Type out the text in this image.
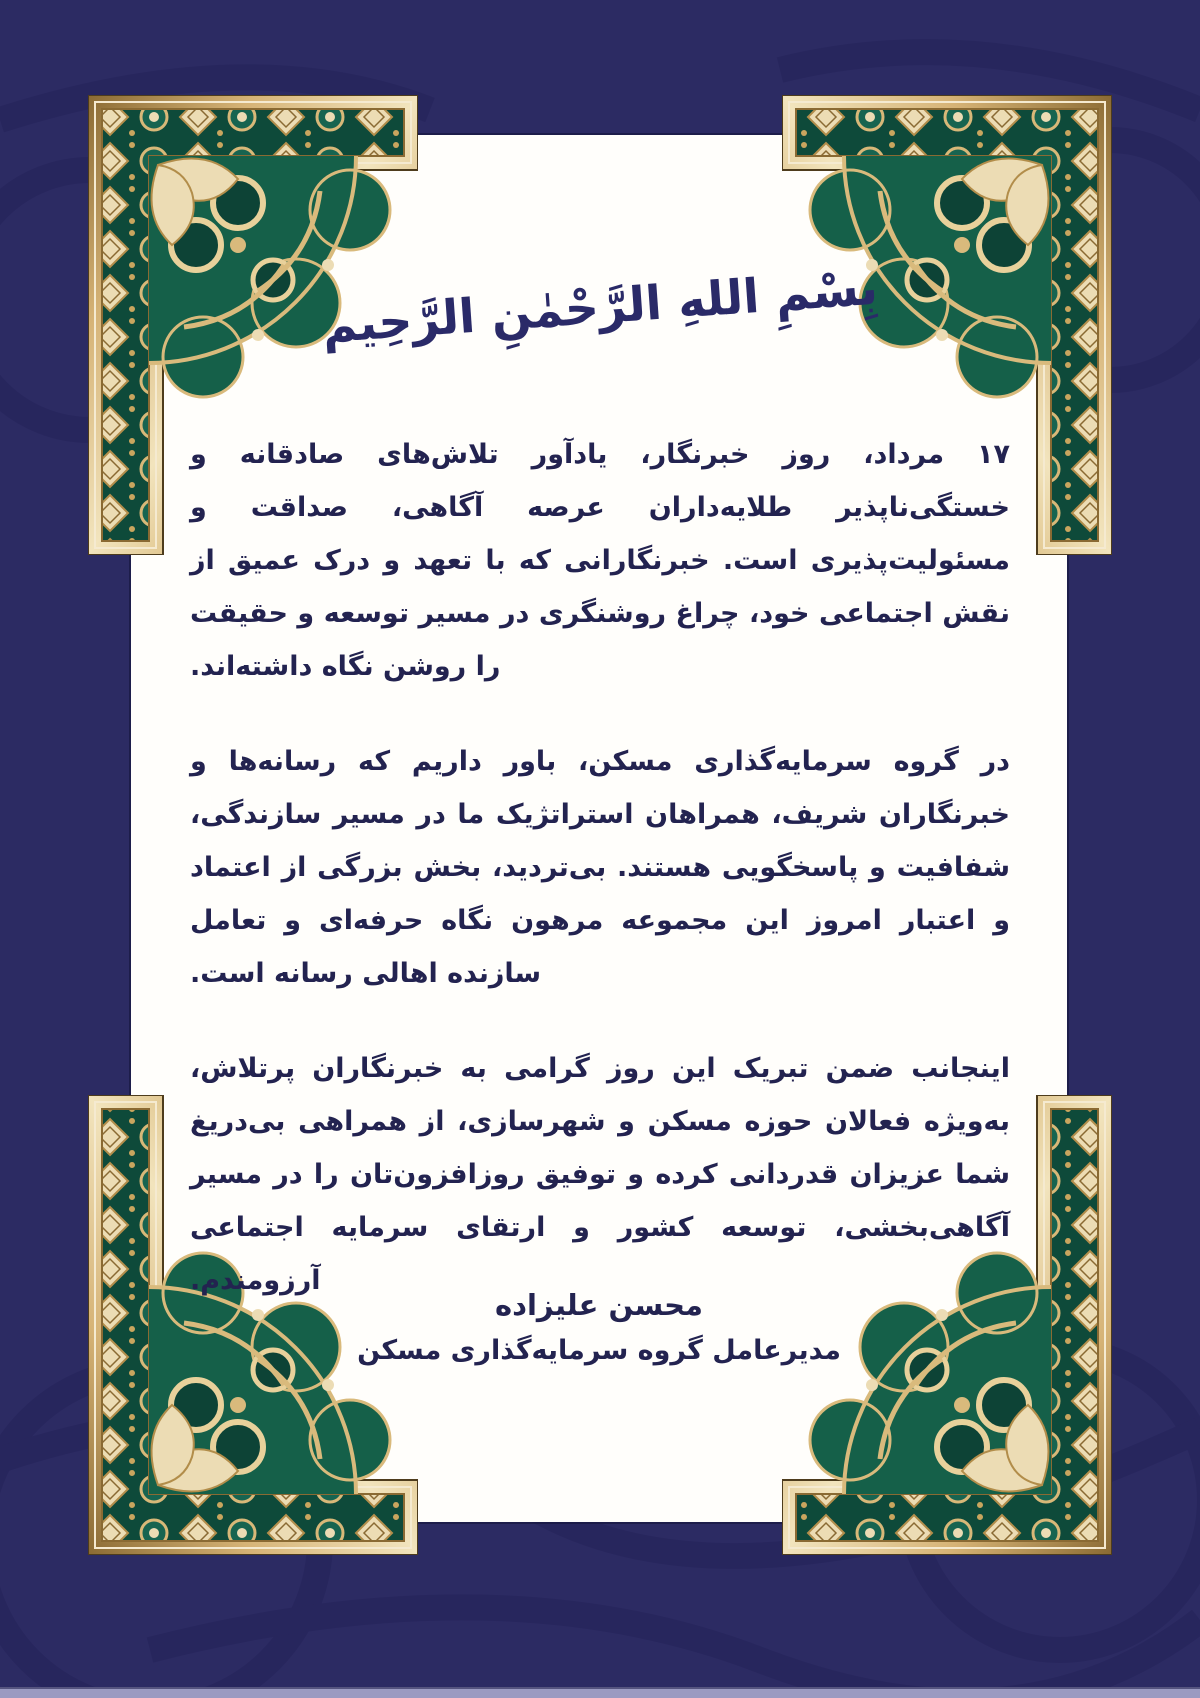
بِسْمِ اللهِ الرَّحْمٰنِ الرَّحِیم

۱۷ مرداد، روز خبرنگار، یادآور تلاش‌های صادقانه و خستگی‌ناپذیر طلایه‌داران عرصه آگاهی، صداقت و مسئولیت‌پذیری است. خبرنگارانی که با تعهد و درک عمیق از نقش اجتماعی خود، چراغ روشنگری در مسیر توسعه و حقیقت را روشن نگاه داشته‌اند.

در گروه سرمایه‌گذاری مسکن، باور داریم که رسانه‌ها و خبرنگاران شریف، همراهان استراتژیک ما در مسیر سازندگی، شفافیت و پاسخگویی هستند. بی‌تردید، بخش بزرگی از اعتماد و اعتبار امروز این مجموعه مرهون نگاه حرفه‌ای و تعامل سازنده اهالی رسانه است.

اینجانب ضمن تبریک این روز گرامی به خبرنگاران پرتلاش، به‌ویژه فعالان حوزه مسکن و شهرسازی، از همراهی بی‌دریغ شما عزیزان قدردانی کرده و توفیق روزافزون‌تان را در مسیر آگاهی‌بخشی، توسعه کشور و ارتقای سرمایه اجتماعی آرزومندم.

محسن علیزاده

مدیرعامل گروه سرمایه‌گذاری مسکن
